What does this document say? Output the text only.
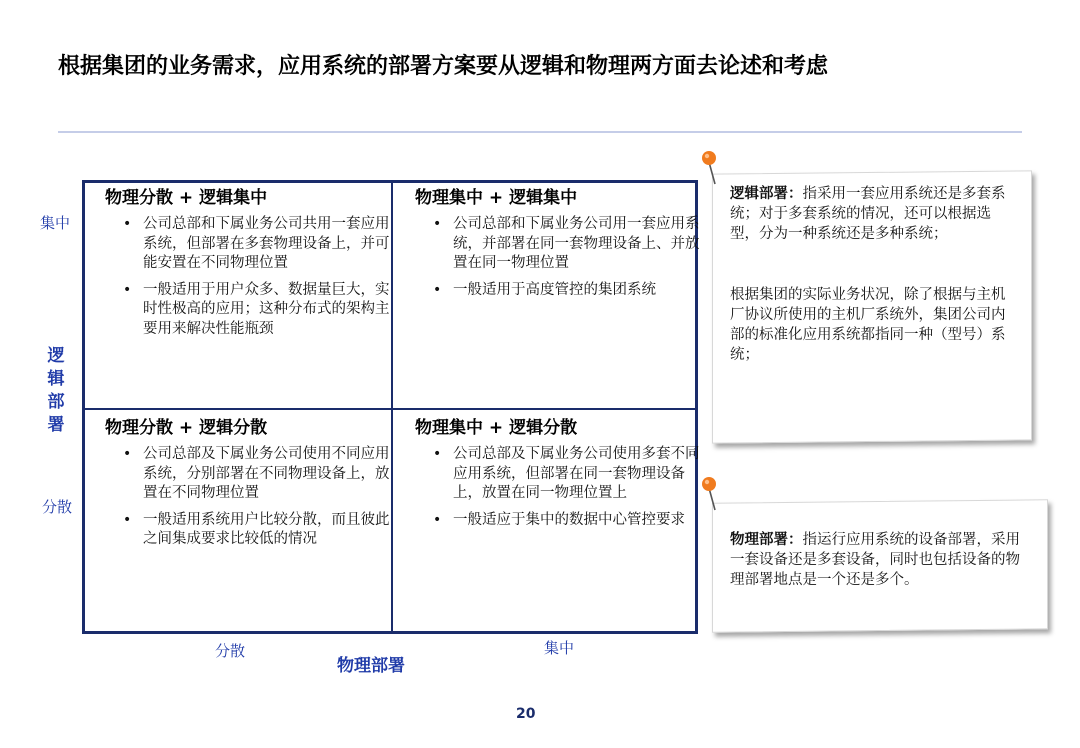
根据集团的业务需求，应用系统的部署方案要从逻辑和物理两方面去论述和考虑
集中
分散
逻
辑
部
署
分散	集中
物理部署
物理分散 + 逻辑集中
• 公司总部和下属业务公司共用一套应用系统，但部署在多套物理设备上，并可能安置在不同物理位置
• 一般适用于用户众多、数据量巨大，实时性极高的应用；这种分布式的架构主要用来解决性能瓶颈
物理集中 + 逻辑集中
• 公司总部和下属业务公司用一套应用系统，并部署在同一套物理设备上、并放置在同一物理位置
• 一般适用于高度管控的集团系统
物理分散 + 逻辑分散
• 公司总部及下属业务公司使用不同应用系统，分别部署在不同物理设备上，放置在不同物理位置
• 一般适用系统用户比较分散，而且彼此之间集成要求比较低的情况
物理集中 + 逻辑分散
• 公司总部及下属业务公司使用多套不同应用系统，但部署在同一套物理设备上，放置在同一物理位置上
• 一般适应于集中的数据中心管控要求
逻辑部署：指采用一套应用系统还是多套系统；对于多套系统的情况，还可以根据选型，分为一种系统还是多种系统；
根据集团的实际业务状况，除了根据与主机厂协议所使用的主机厂系统外，集团公司内部的标准化应用系统都指同一种（型号）系统；
物理部署：指运行应用系统的设备部署，采用一套设备还是多套设备，同时也包括设备的物理部署地点是一个还是多个。
20
